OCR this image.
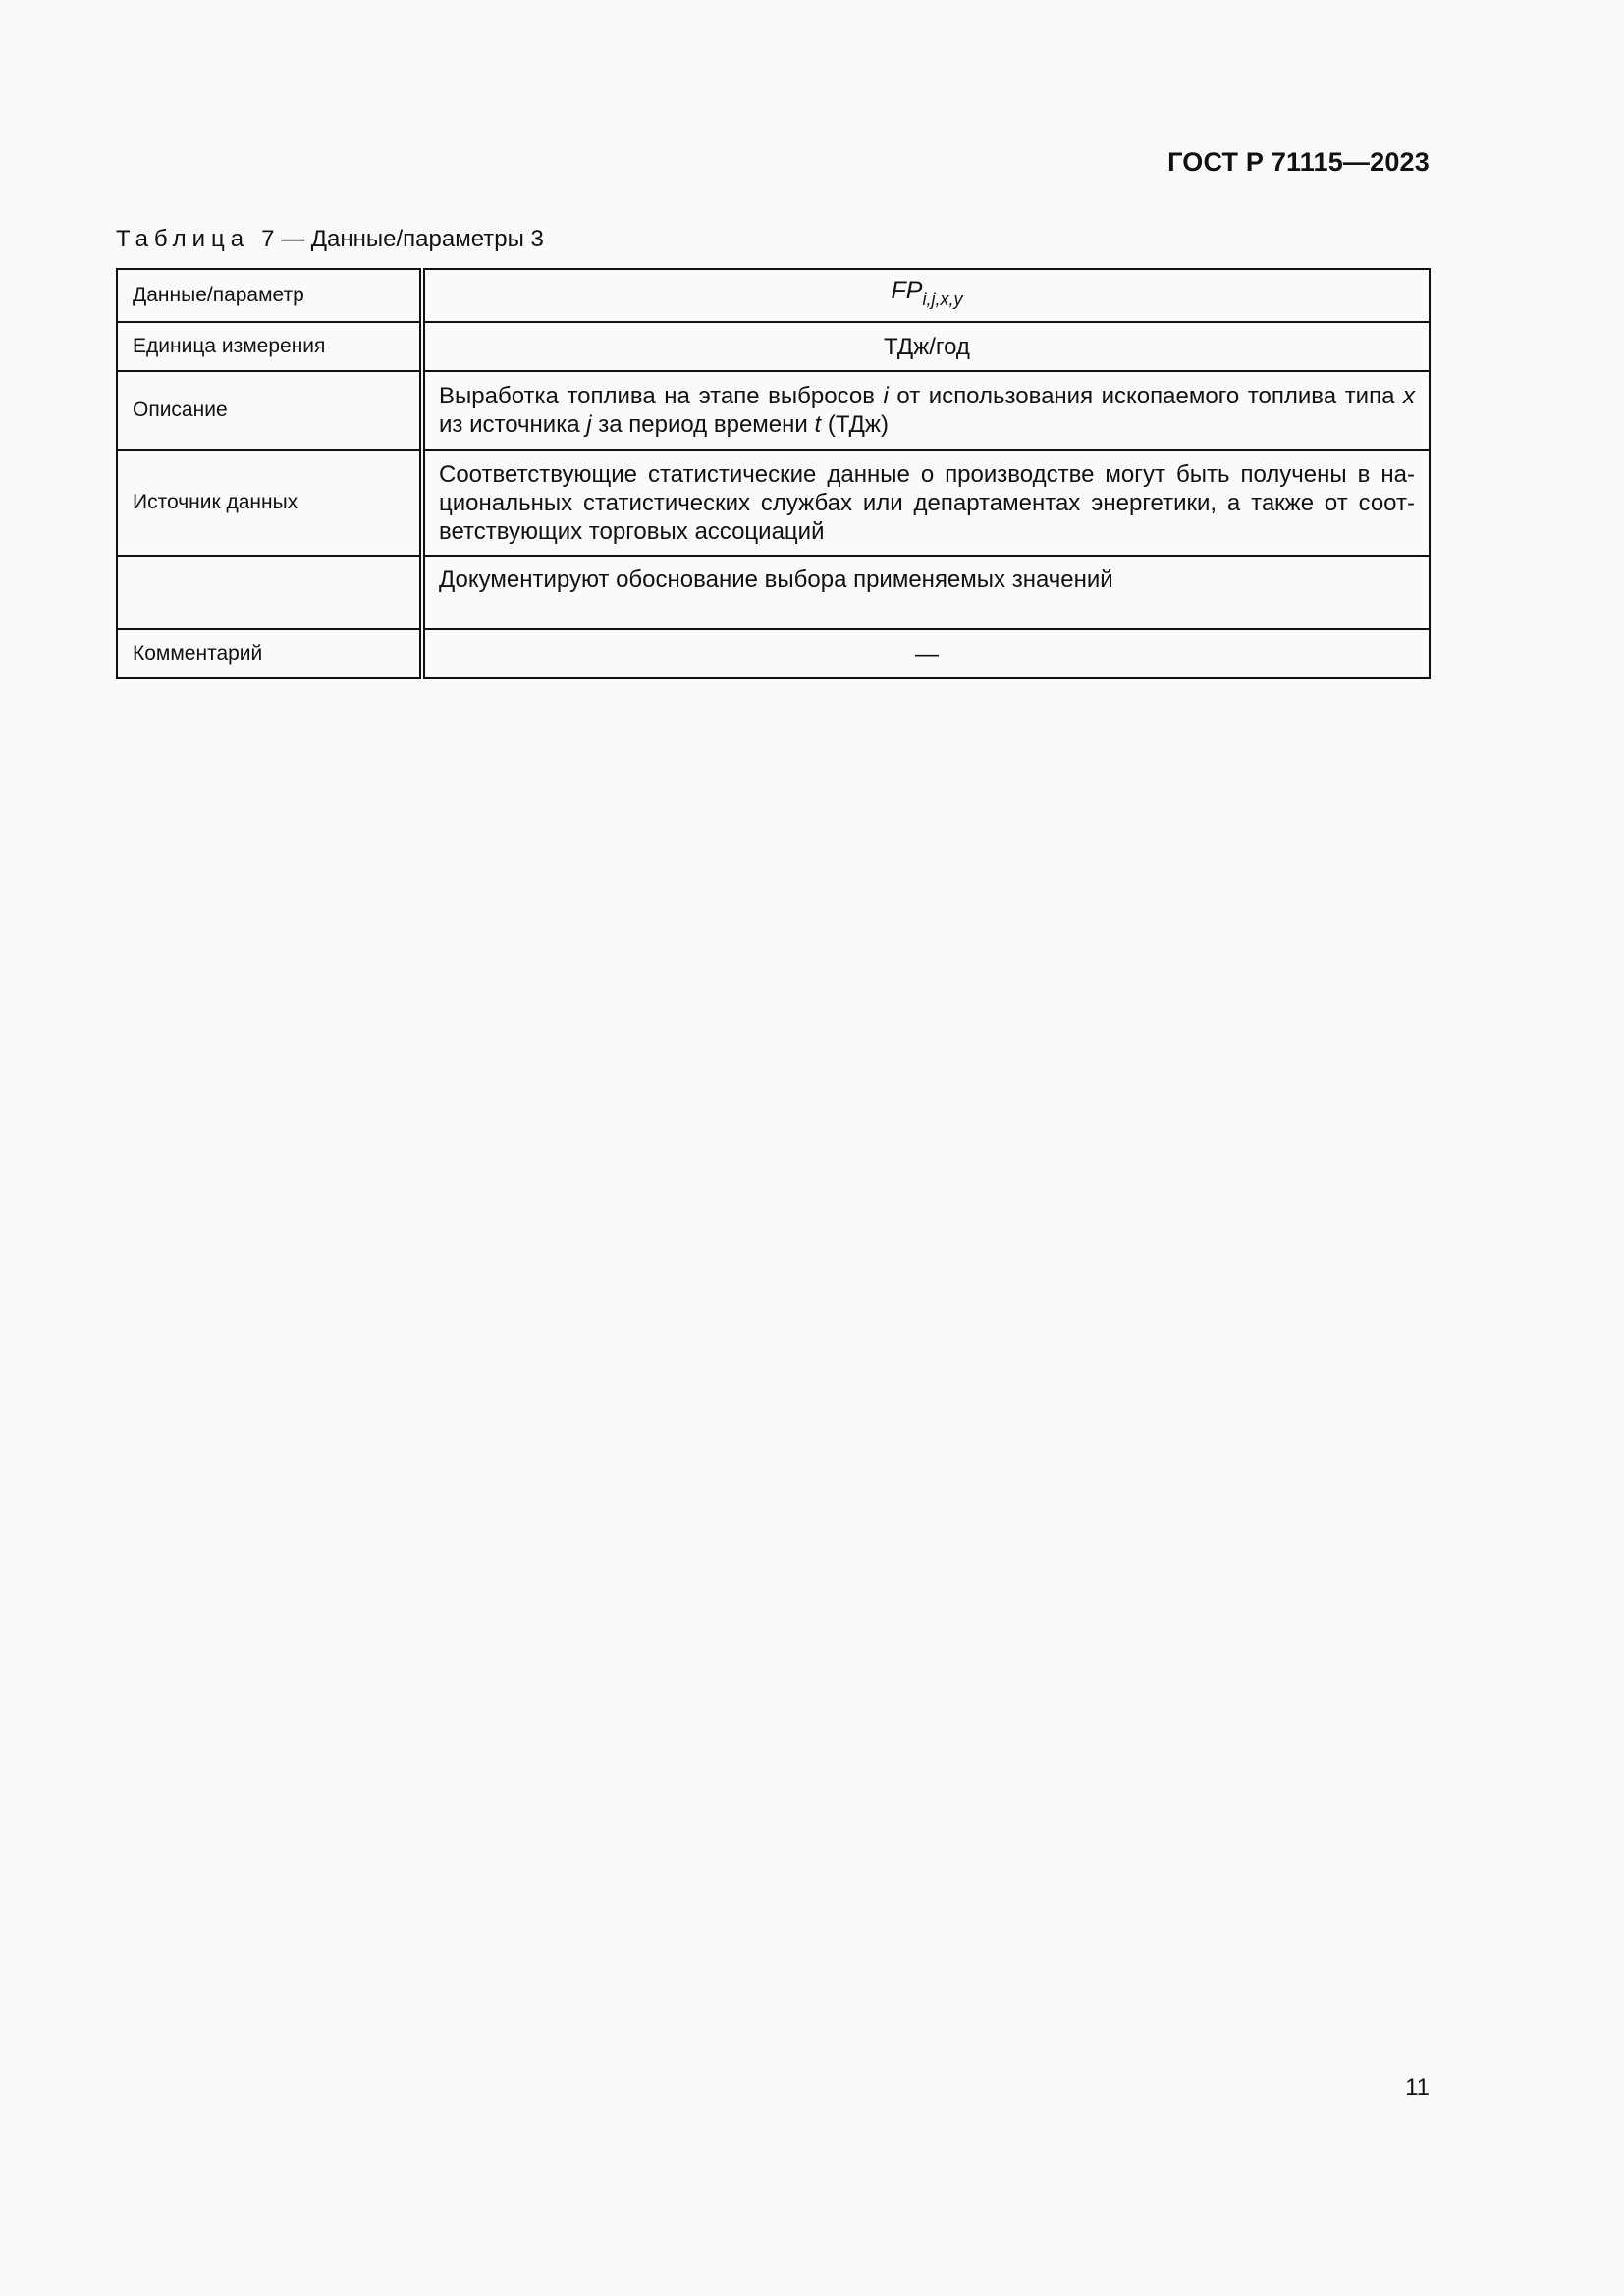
ГОСТ Р 71115—2023
Таблица 7 — Данные/параметры 3
Данные/параметр	$FP_{i,j,x,y}$
Единица измерения	ТДж/год
Описание	Выработка топлива на этапе выбросов i от использования ископаемого топлива типа x из источника j за период времени t (ТДж)
Источник данных	Соответствующие статистические данные о производстве могут быть получены в национальных статистических службах или департаментах энергетики, а также от соответствующих торговых ассоциаций
	Документируют обоснование выбора применяемых значений
Комментарий	—
11
